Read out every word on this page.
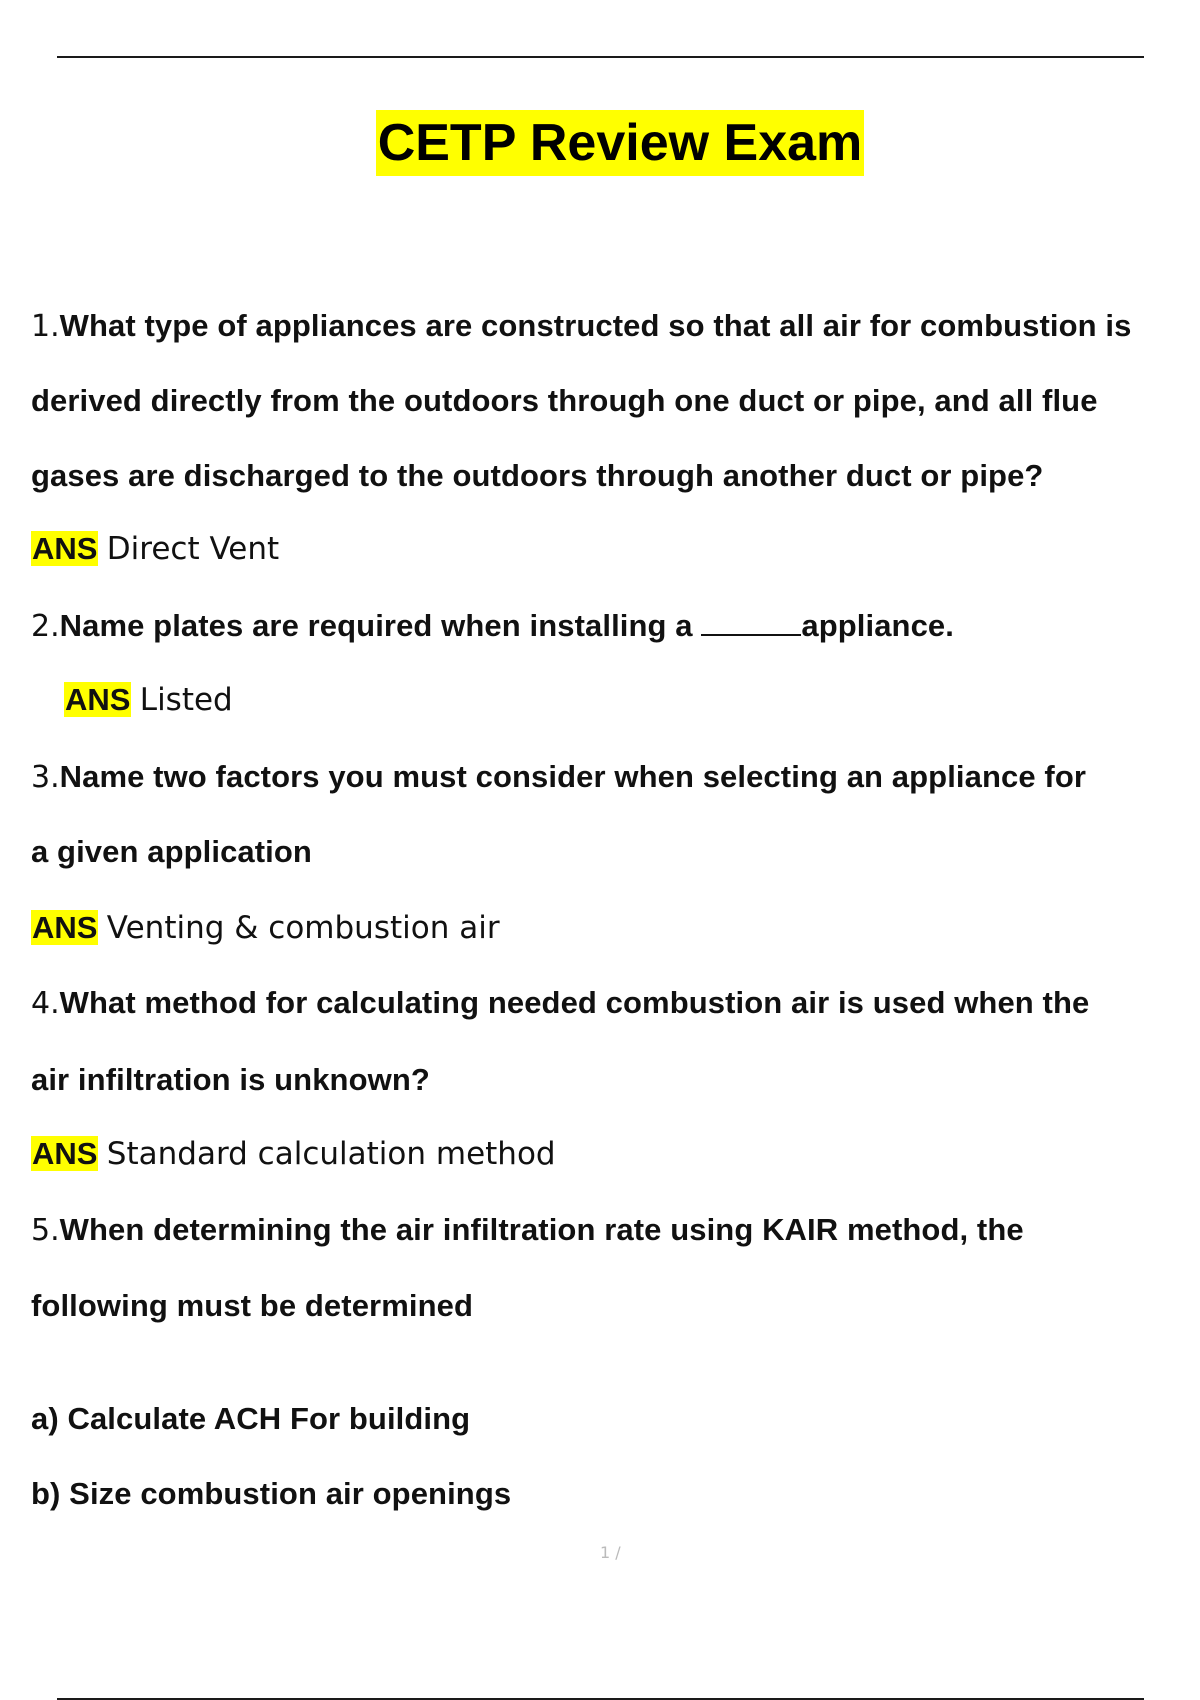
CETP Review Exam
1.What type of appliances are constructed so that all air for combustion is
derived directly from the outdoors through one duct or pipe, and all flue
gases are discharged to the outdoors through another duct or pipe?
ANS Direct Vent
2.Name plates are required when installing a	appliance.
ANS Listed
3.Name two factors you must consider when selecting an appliance for
a given application
ANS Venting & combustion air
4.What method for calculating needed combustion air is used when the
air infiltration is unknown?
ANS Standard calculation method
5.When determining the air infiltration rate using KAIR method, the
following must be determined
a) Calculate ACH For building
b) Size combustion air openings
1 /
